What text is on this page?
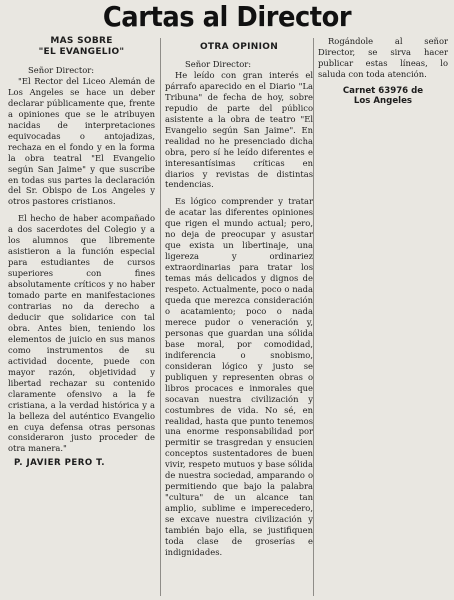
Cartas al Director
MAS SOBRE
"EL EVANGELIO"

Señor Director:

"El Rector del Liceo Alemán de Los Angeles se hace un deber declarar públicamente que, frente a opiniones que se le atribuyen nacidas de interpretaciones equivocadas o antojadizas, rechaza en el fondo y en la forma la obra teatral "El Evangelio según San Jaime" y que suscribe en todas sus partes la declaración del Sr. Obispo de Los Angeles y otros pastores cristianos.

El hecho de haber acompañado a dos sacerdotes del Colegio y a los alumnos que libremente asistieron a la función especial para estudiantes de cursos superiores con fines absolutamente críticos y no haber tomado parte en manifestaciones contrarias no da derecho a deducir que solidarice con tal obra. Antes bien, teniendo los elementos de juicio en sus manos como instrumentos de su actividad docente, puede con mayor razón, objetividad y libertad rechazar su contenido claramente ofensivo a la fe cristiana, a la verdad histórica y a la belleza del auténtico Evangelio en cuya defensa otras personas consideraron justo proceder de otra manera."

P. JAVIER PERO T.
OTRA OPINION

Señor Director:

He leído con gran interés el párrafo aparecido en el Diario "La Tribuna" de fecha de hoy, sobre repudio de parte del público asistente a la obra de teatro "El Evangelio según San Jaime". En realidad no he presenciado dicha obra, pero sí he leído diferentes e interesantísimas críticas en diarios y revistas de distintas tendencias.

Es lógico comprender y tratar de acatar las diferentes opiniones que rigen el mundo actual; pero, no deja de preocupar y asustar que exista un libertinaje, una ligereza y ordinariez extraordinarias para tratar los temas más delicados y dignos de respeto. Actualmente, poco o nada queda que merezca consideración o acatamiento; poco o nada merece pudor o veneración y, personas que guardan una sólida base moral, por comodidad, indiferencia o snobismo, consideran lógico y justo se publiquen y representen obras o libros procaces e inmorales que socavan nuestra civilización y costumbres de vida. No sé, en realidad, hasta que punto tenemos una enorme responsabilidad por permitir se trasgredan y ensucien conceptos sustentadores de buen vivir, respeto mutuos y base sólida de nuestra sociedad, amparando o permitiendo que bajo la palabra "cultura" de un alcance tan amplio, sublime e imperecedero, se excave nuestra civilización y también bajo ella, se justifiquen toda clase de groserías e indignidades.

Rogándole al señor Director, se sirva hacer publicar estas líneas, lo saluda con toda atención.

Carnet 63976 de
Los Angeles
